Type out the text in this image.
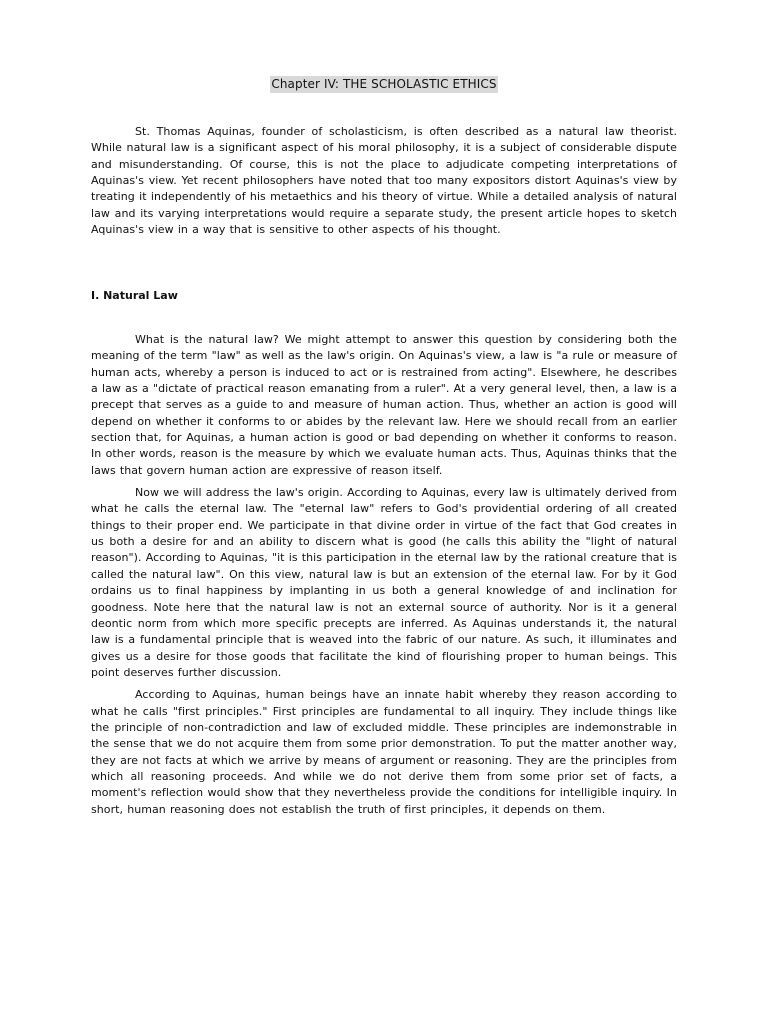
Chapter IV: THE SCHOLASTIC ETHICS

St. Thomas Aquinas, founder of scholasticism, is often described as a natural law theorist. While natural law is a significant aspect of his moral philosophy, it is a subject of considerable dispute and misunderstanding. Of course, this is not the place to adjudicate competing interpretations of Aquinas's view. Yet recent philosophers have noted that too many expositors distort Aquinas's view by treating it independently of his metaethics and his theory of virtue. While a detailed analysis of natural law and its varying interpretations would require a separate study, the present article hopes to sketch Aquinas's view in a way that is sensitive to other aspects of his thought.

I. Natural Law

What is the natural law? We might attempt to answer this question by considering both the meaning of the term "law" as well as the law's origin. On Aquinas's view, a law is "a rule or measure of human acts, whereby a person is induced to act or is restrained from acting". Elsewhere, he describes a law as a "dictate of practical reason emanating from a ruler". At a very general level, then, a law is a precept that serves as a guide to and measure of human action. Thus, whether an action is good will depend on whether it conforms to or abides by the relevant law. Here we should recall from an earlier section that, for Aquinas, a human action is good or bad depending on whether it conforms to reason. In other words, reason is the measure by which we evaluate human acts. Thus, Aquinas thinks that the laws that govern human action are expressive of reason itself.

Now we will address the law's origin. According to Aquinas, every law is ultimately derived from what he calls the eternal law. The "eternal law" refers to God's providential ordering of all created things to their proper end. We participate in that divine order in virtue of the fact that God creates in us both a desire for and an ability to discern what is good (he calls this ability the "light of natural reason"). According to Aquinas, "it is this participation in the eternal law by the rational creature that is called the natural law". On this view, natural law is but an extension of the eternal law. For by it God ordains us to final happiness by implanting in us both a general knowledge of and inclination for goodness. Note here that the natural law is not an external source of authority. Nor is it a general deontic norm from which more specific precepts are inferred. As Aquinas understands it, the natural law is a fundamental principle that is weaved into the fabric of our nature. As such, it illuminates and gives us a desire for those goods that facilitate the kind of flourishing proper to human beings. This point deserves further discussion.

According to Aquinas, human beings have an innate habit whereby they reason according to what he calls "first principles." First principles are fundamental to all inquiry. They include things like the principle of non-contradiction and law of excluded middle. These principles are indemonstrable in the sense that we do not acquire them from some prior demonstration. To put the matter another way, they are not facts at which we arrive by means of argument or reasoning. They are the principles from which all reasoning proceeds. And while we do not derive them from some prior set of facts, a moment's reflection would show that they nevertheless provide the conditions for intelligible inquiry. In short, human reasoning does not establish the truth of first principles, it depends on them.
